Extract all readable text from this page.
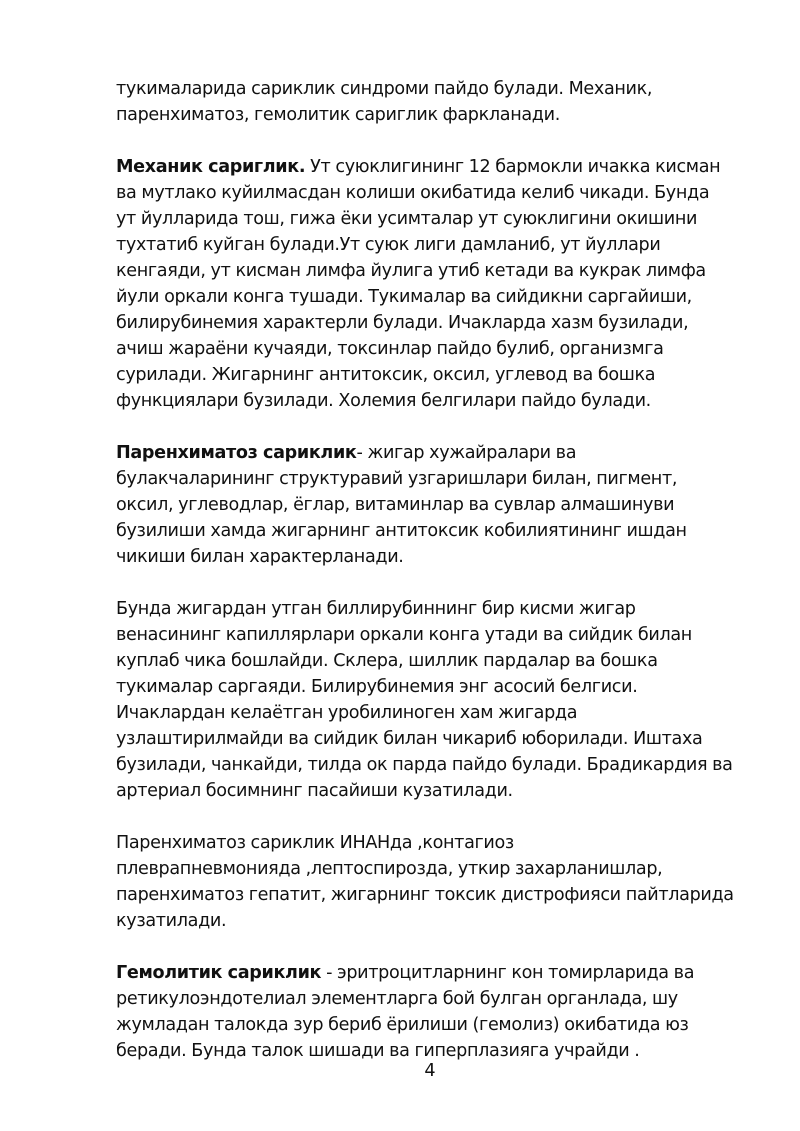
тукималарида сариклик синдроми пайдо булади. Механик,
паренхиматоз, гемолитик сариглик фаркланади.

Механик сариглик. Ут суюклигининг 12 бармокли ичакка кисман
ва мутлако куйилмасдан колиши окибатида келиб чикади. Бунда
ут йулларида тош, гижа ёки усимталар ут суюклигини окишини
тухтатиб куйган булади.Ут суюк лиги дамланиб, ут йуллари
кенгаяди, ут кисман лимфа йулига утиб кетади ва кукрак лимфа
йули оркали конга тушади. Тукималар ва сийдикни саргайиши,
билирубинемия характерли булади. Ичакларда хазм бузилади,
ачиш жараёни кучаяди, токсинлар пайдо булиб, организмга
сурилади. Жигарнинг антитоксик, оксил, углевод ва бошка
функциялари бузилади. Холемия белгилари пайдо булади.

Паренхиматоз сариклик- жигар хужайралари ва
булакчаларининг структуравий узгаришлари билан, пигмент,
оксил, углеводлар, ёглар, витаминлар ва сувлар алмашинуви
бузилиши хамда жигарнинг антитоксик кобилиятининг ишдан
чикиши билан характерланади.

Бунда жигардан утган биллирубиннинг бир кисми жигар
венасининг капиллярлари оркали конга утади ва сийдик билан
куплаб чика бошлайди. Склера, шиллик пардалар ва бошка
тукималар саргаяди. Билирубинемия энг асосий белгиси.
Ичаклардан келаётган уробилиноген хам жигарда
узлаштирилмайди ва сийдик билан чикариб юборилади. Иштаха
бузилади, чанкайди, тилда ок парда пайдо булади. Брадикардия ва
артериал босимнинг пасайиши кузатилади.

Паренхиматоз сариклик ИНАНда ,контагиоз
плеврапневмонияда ,лептоспирозда, уткир захарланишлар,
паренхиматоз гепатит, жигарнинг токсик дистрофияси пайтларида
кузатилади.

Гемолитик сариклик - эритроцитларнинг кон томирларида ва
ретикулоэндотелиал элементларга бой булган органлада, шу
жумладан талокда зур бериб ёрилиши (гемолиз) окибатида юз
беради. Бунда талок шишади ва гиперплазияга учрайди .

4
